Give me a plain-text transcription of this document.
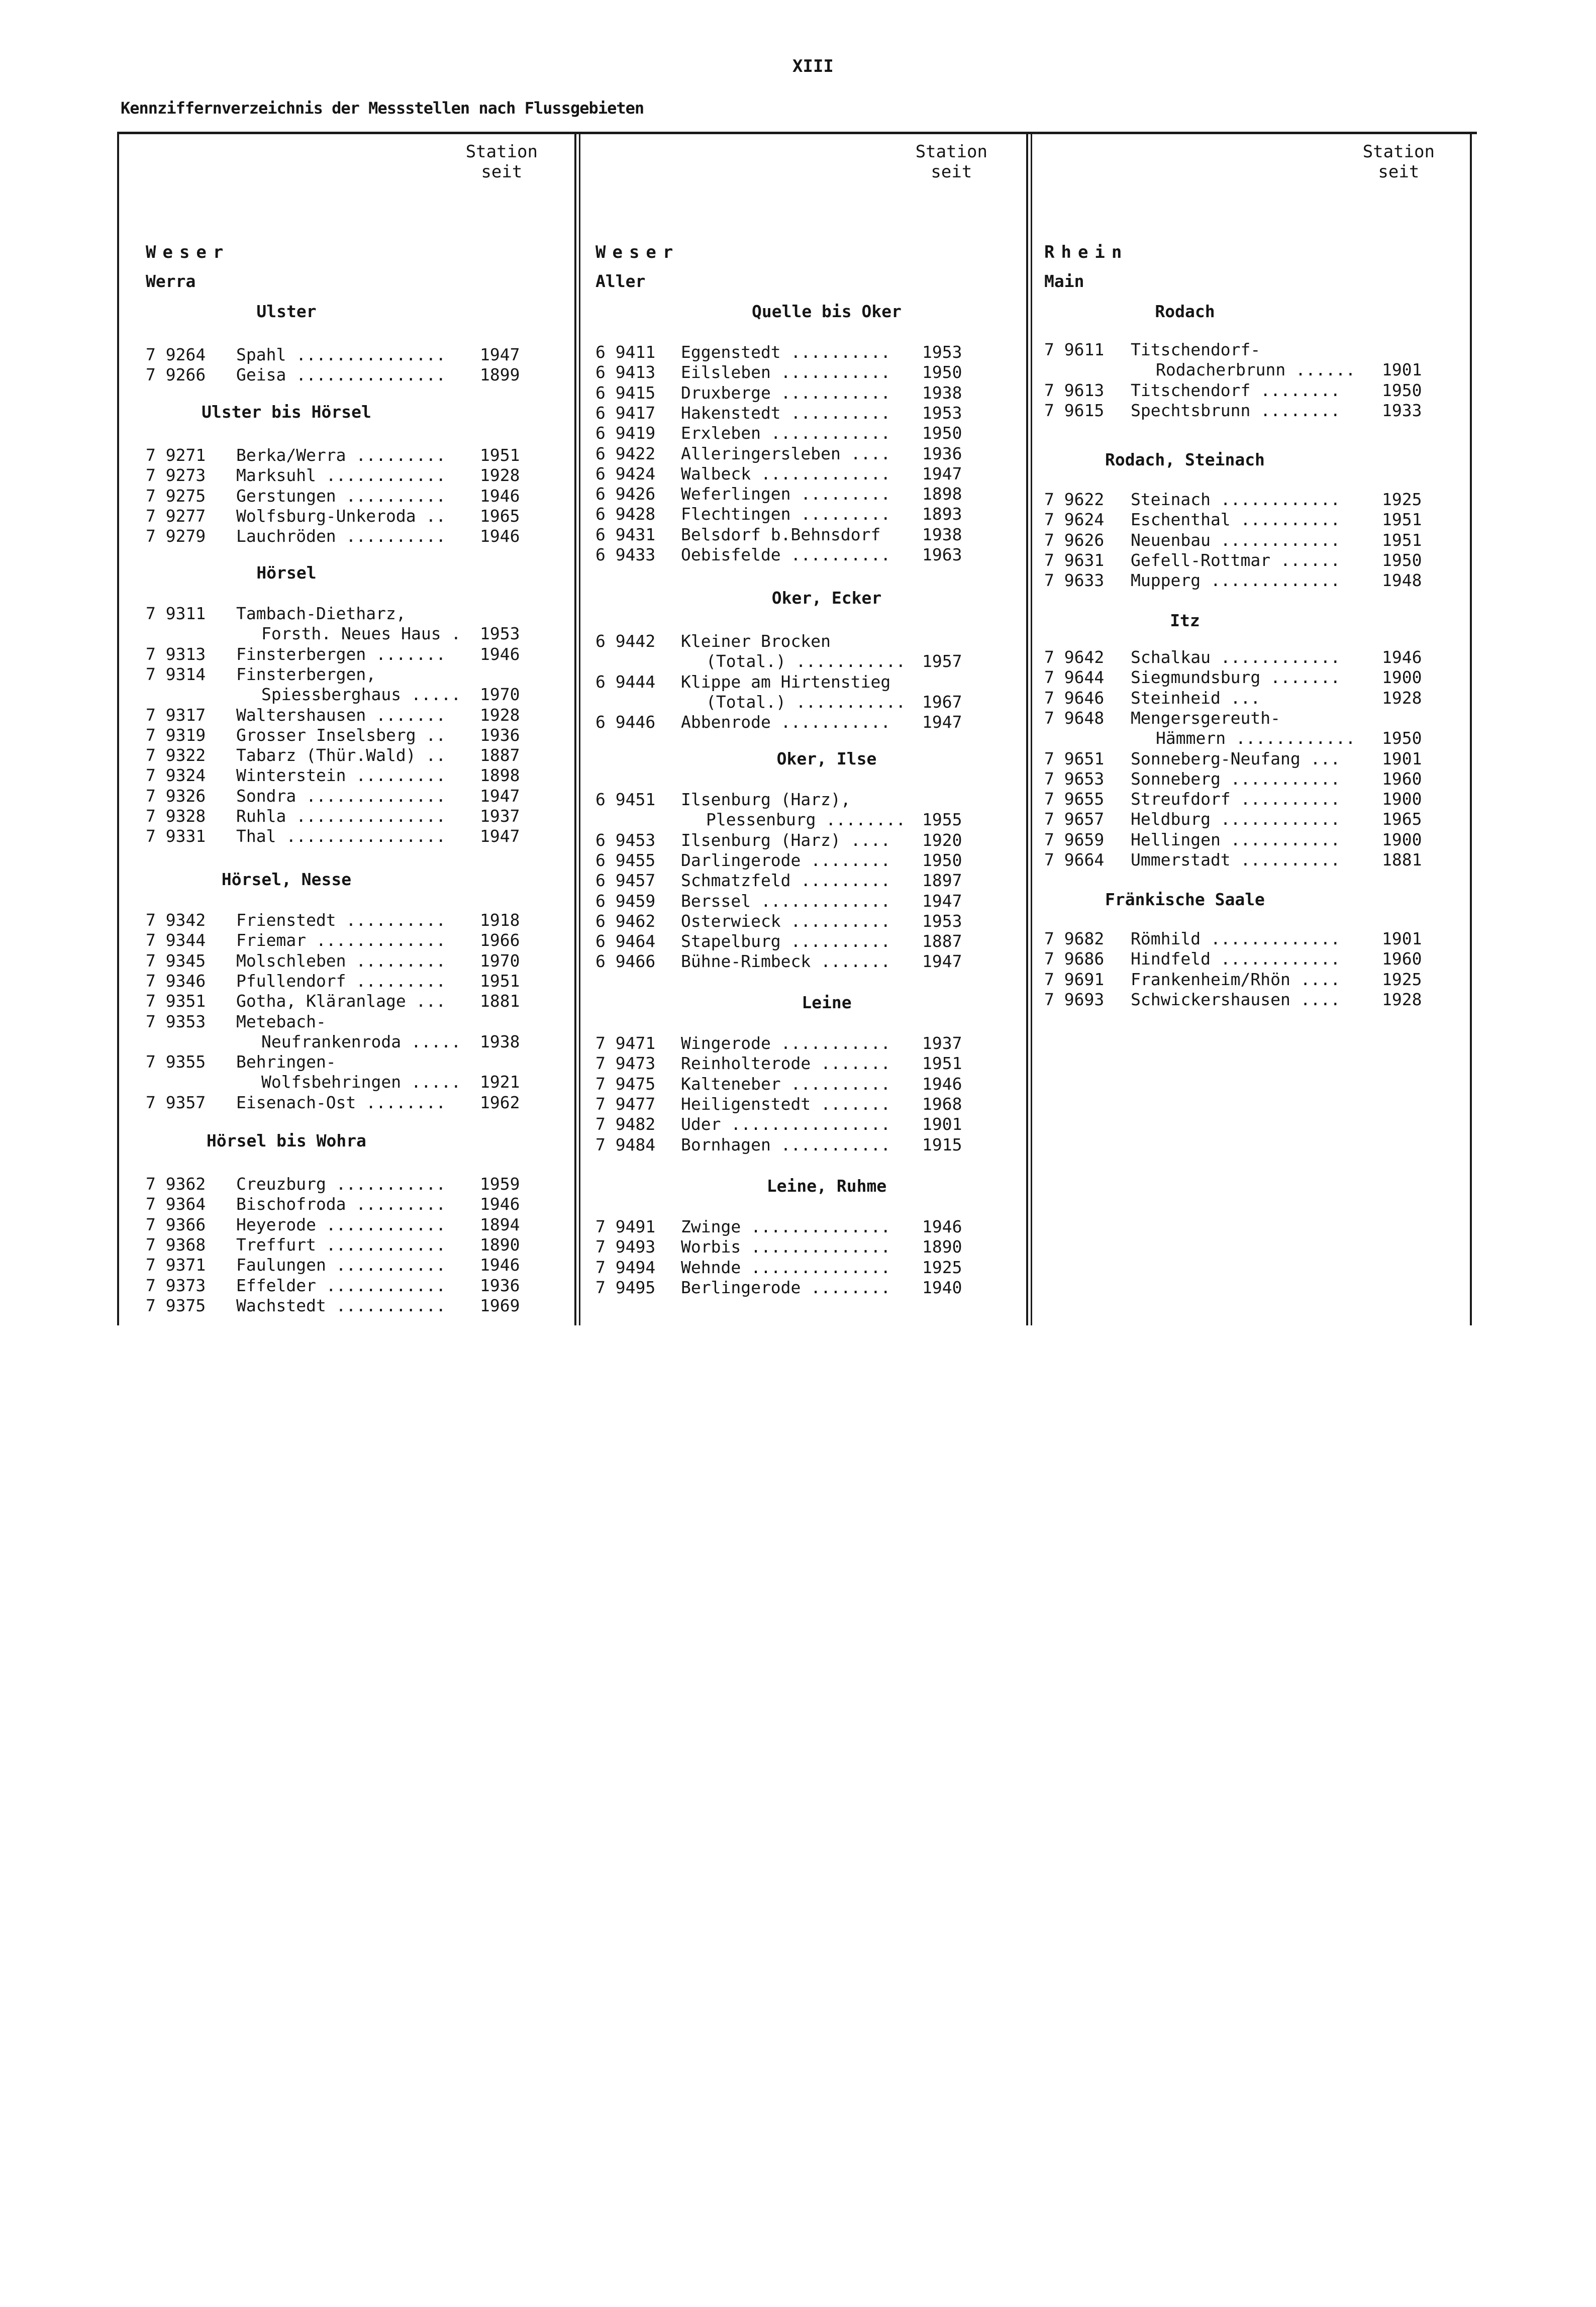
XIII
Kennziffernverzeichnis der Messstellen nach Flussgebieten
Station
seit
Weser
Werra
Ulster
7 9264 Spahl ............... 1947
7 9266 Geisa ............... 1899
Ulster bis Hörsel
7 9271 Berka/Werra ......... 1951
7 9273 Marksuhl ............ 1928
7 9275 Gerstungen .......... 1946
7 9277 Wolfsburg-Unkeroda .. 1965
7 9279 Lauchröden .......... 1946
Hörsel
7 9311 Tambach-Dietharz,
Forsth. Neues Haus . 1953
7 9313 Finsterbergen ....... 1946
7 9314 Finsterbergen,
Spiessberghaus ..... 1970
7 9317 Waltershausen ....... 1928
7 9319 Grosser Inselsberg .. 1936
7 9322 Tabarz (Thür.Wald) .. 1887
7 9324 Winterstein ......... 1898
7 9326 Sondra .............. 1947
7 9328 Ruhla ............... 1937
7 9331 Thal ................ 1947
Hörsel, Nesse
7 9342 Frienstedt .......... 1918
7 9344 Friemar ............. 1966
7 9345 Molschleben ......... 1970
7 9346 Pfullendorf ......... 1951
7 9351 Gotha, Kläranlage ... 1881
7 9353 Metebach-
Neufrankenroda ..... 1938
7 9355 Behringen-
Wolfsbehringen ..... 1921
7 9357 Eisenach-Ost ........ 1962
Hörsel bis Wohra
7 9362 Creuzburg ........... 1959
7 9364 Bischofroda ......... 1946
7 9366 Heyerode ............ 1894
7 9368 Treffurt ............ 1890
7 9371 Faulungen ........... 1946
7 9373 Effelder ............ 1936
7 9375 Wachstedt ........... 1969
Station
seit
Weser
Aller
Quelle bis Oker
6 9411 Eggenstedt .......... 1953
6 9413 Eilsleben ........... 1950
6 9415 Druxberge ........... 1938
6 9417 Hakenstedt .......... 1953
6 9419 Erxleben ............ 1950
6 9422 Alleringersleben .... 1936
6 9424 Walbeck ............. 1947
6 9426 Weferlingen ......... 1898
6 9428 Flechtingen ......... 1893
6 9431 Belsdorf b.Behnsdorf	1938
6 9433 Oebisfelde .......... 1963
Oker, Ecker
6 9442 Kleiner Brocken
(Total.) ........... 1957
6 9444 Klippe am Hirtenstieg
(Total.) ........... 1967
6 9446 Abbenrode ........... 1947
Oker, Ilse
6 9451 Ilsenburg (Harz),
Plessenburg ........ 1955
6 9453 Ilsenburg (Harz) .... 1920
6 9455 Darlingerode ........ 1950
6 9457 Schmatzfeld ......... 1897
6 9459 Berssel ............. 1947
6 9462 Osterwieck .......... 1953
6 9464 Stapelburg .......... 1887
6 9466 Bühne-Rimbeck ....... 1947
Leine
7 9471 Wingerode ........... 1937
7 9473 Reinholterode ....... 1951
7 9475 Kalteneber .......... 1946
7 9477 Heiligenstedt ....... 1968
7 9482 Uder ................ 1901
7 9484 Bornhagen ........... 1915
Leine, Ruhme
7 9491 Zwinge .............. 1946
7 9493 Worbis .............. 1890
7 9494 Wehnde .............. 1925
7 9495 Berlingerode ........ 1940
Station
seit
Rhein
Main
Rodach
7 9611 Titschendorf-
Rodacherbrunn ...... 1901
7 9613 Titschendorf ........	1950
7 9615 Spechtsbrunn ........	1933
Rodach, Steinach
7 9622 Steinach ............	1925
7 9624 Eschenthal ..........	1951
7 9626 Neuenbau ............	1951
7 9631 Gefell-Rottmar ......	1950
7 9633 Mupperg .............	1948
Itz
7 9642 Schalkau ............	1946
7 9644 Siegmundsburg .......	1900
7 9646 Steinheid ...	1928
7 9648 Mengersgereuth-
Hämmern ............ 1950
7 9651 Sonneberg-Neufang ...	1901
7 9653 Sonneberg ...........	1960
7 9655 Streufdorf ..........	1900
7 9657 Heldburg ............	1965
7 9659 Hellingen ...........	1900
7 9664 Ummerstadt ..........	1881
Fränkische Saale
7 9682 Römhild .............	1901
7 9686 Hindfeld ............	1960
7 9691 Frankenheim/Rhön ....	1925
7 9693 Schwickershausen ....	1928
